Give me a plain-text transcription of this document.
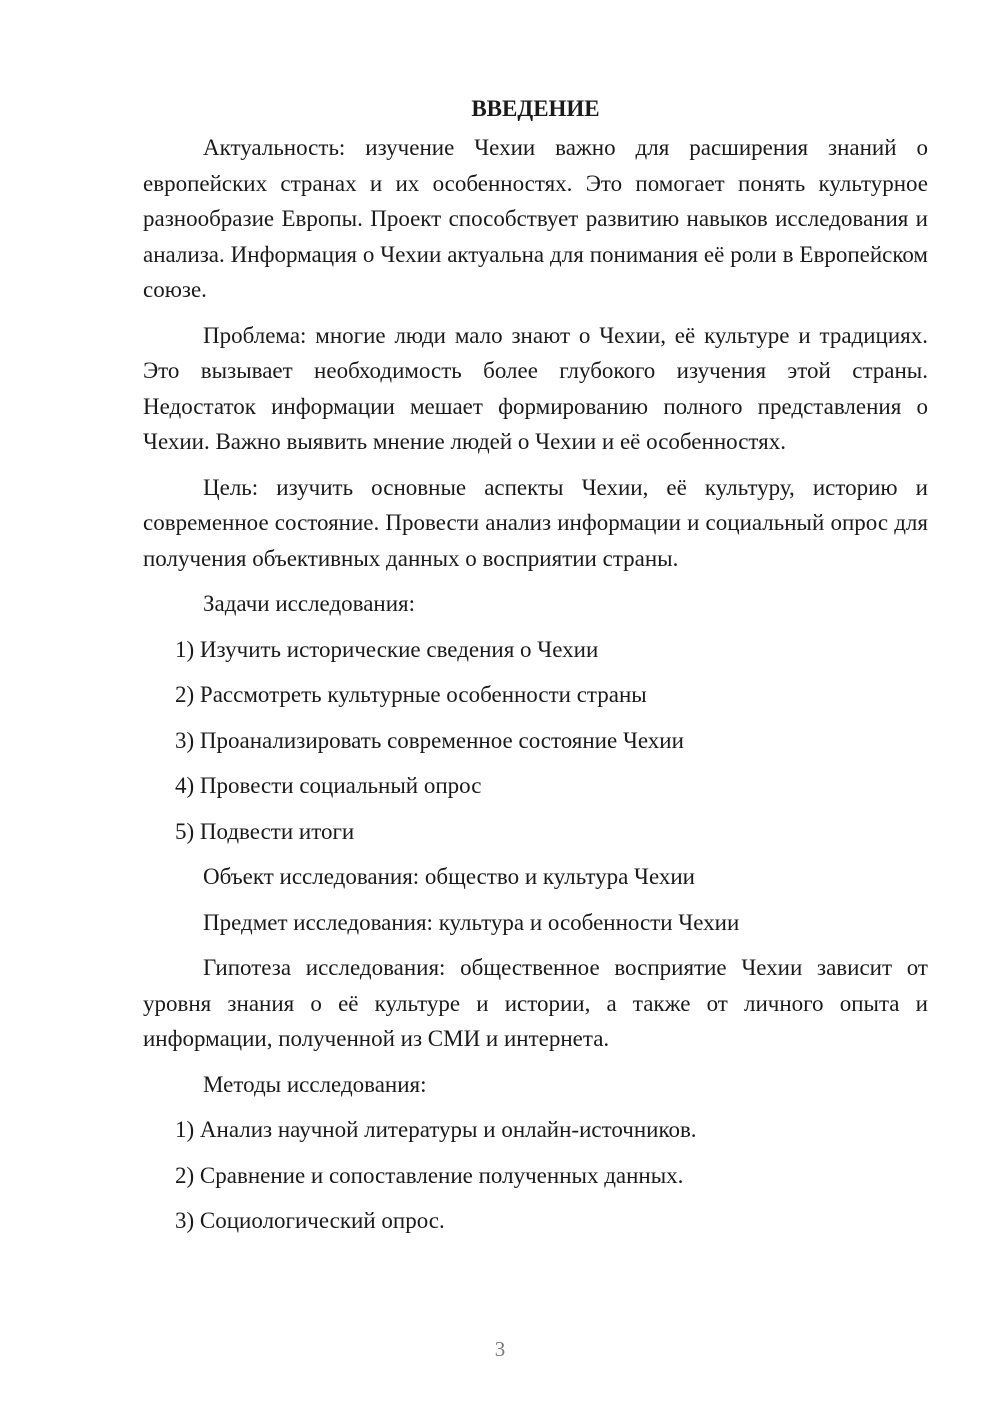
ВВЕДЕНИЕ

Актуальность: изучение Чехии важно для расширения знаний о европейских странах и их особенностях. Это помогает понять культурное разнообразие Европы. Проект способствует развитию навыков исследования и анализа. Информация о Чехии актуальна для понимания её роли в Европейском союзе.

Проблема: многие люди мало знают о Чехии, её культуре и традициях. Это вызывает необходимость более глубокого изучения этой страны. Недостаток информации мешает формированию полного представления о Чехии. Важно выявить мнение людей о Чехии и её особенностях.

Цель: изучить основные аспекты Чехии, её культуру, историю и современное состояние. Провести анализ информации и социальный опрос для получения объективных данных о восприятии страны.

Задачи исследования:
1) Изучить исторические сведения о Чехии
2) Рассмотреть культурные особенности страны
3) Проанализировать современное состояние Чехии
4) Провести социальный опрос
5) Подвести итоги
Объект исследования: общество и культура Чехии
Предмет исследования: культура и особенности Чехии

Гипотеза исследования: общественное восприятие Чехии зависит от уровня знания о её культуре и истории, а также от личного опыта и информации, полученной из СМИ и интернета.

Методы исследования:
1) Анализ научной литературы и онлайн-источников.
2) Сравнение и сопоставление полученных данных.
3) Социологический опрос.
3
